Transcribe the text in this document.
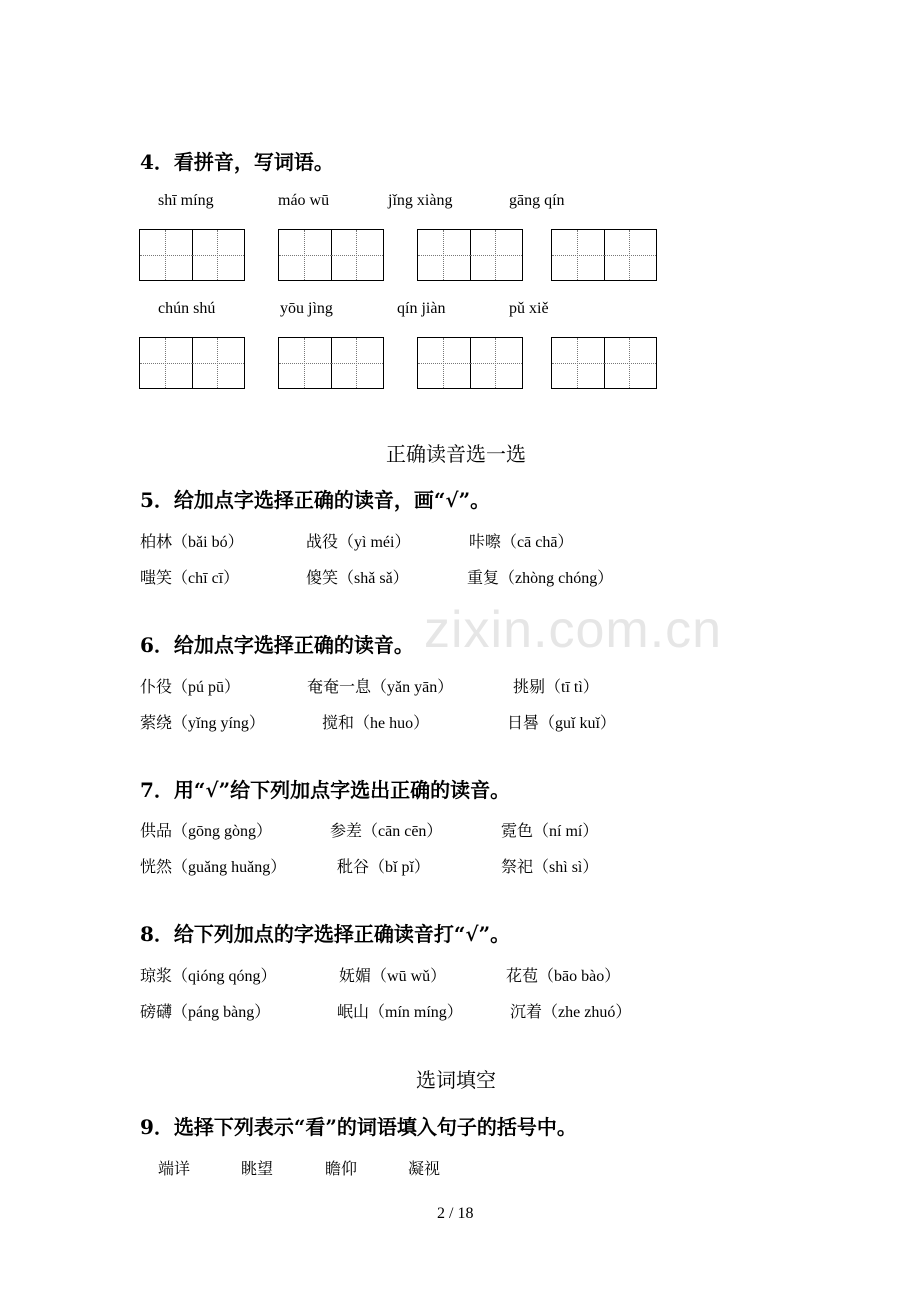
zixin.com.cn
4．看拼音，写词语。
shī míng	máo wū	jǐng xiàng	gāng qín
chún shú	yōu jìng	qín jiàn	pǔ xiě
正确读音选一选
5．给加点字选择正确的读音，画“√”。
柏林（bǎi bó）	战役（yì méi）	咔嚓（cā chā）
嗤笑（chī cī）	傻笑（shǎ sǎ）	重复（zhòng chóng）
6．给加点字选择正确的读音。
仆役（pú pū）	奄奄一息（yǎn yān）	挑剔（tī tì）
萦绕（yǐng yíng）	搅和（he huo）	日晷（guǐ kuǐ）
7．用“√”给下列加点字选出正确的读音。
供品（gōng gòng）	参差（cān cēn）	霓色（ní mí）
恍然（guǎng huǎng）	秕谷（bǐ pǐ）	祭祀（shì sì）
8．给下列加点的字选择正确读音打“√”。
琼浆（qióng qóng）	妩媚（wū wǔ）	花苞（bāo bào）
磅礴（páng bàng）	岷山（mín míng）	沉着（zhe zhuó）
选词填空
9．选择下列表示“看”的词语填入句子的括号中。
端详	眺望	瞻仰	凝视
2 / 18
